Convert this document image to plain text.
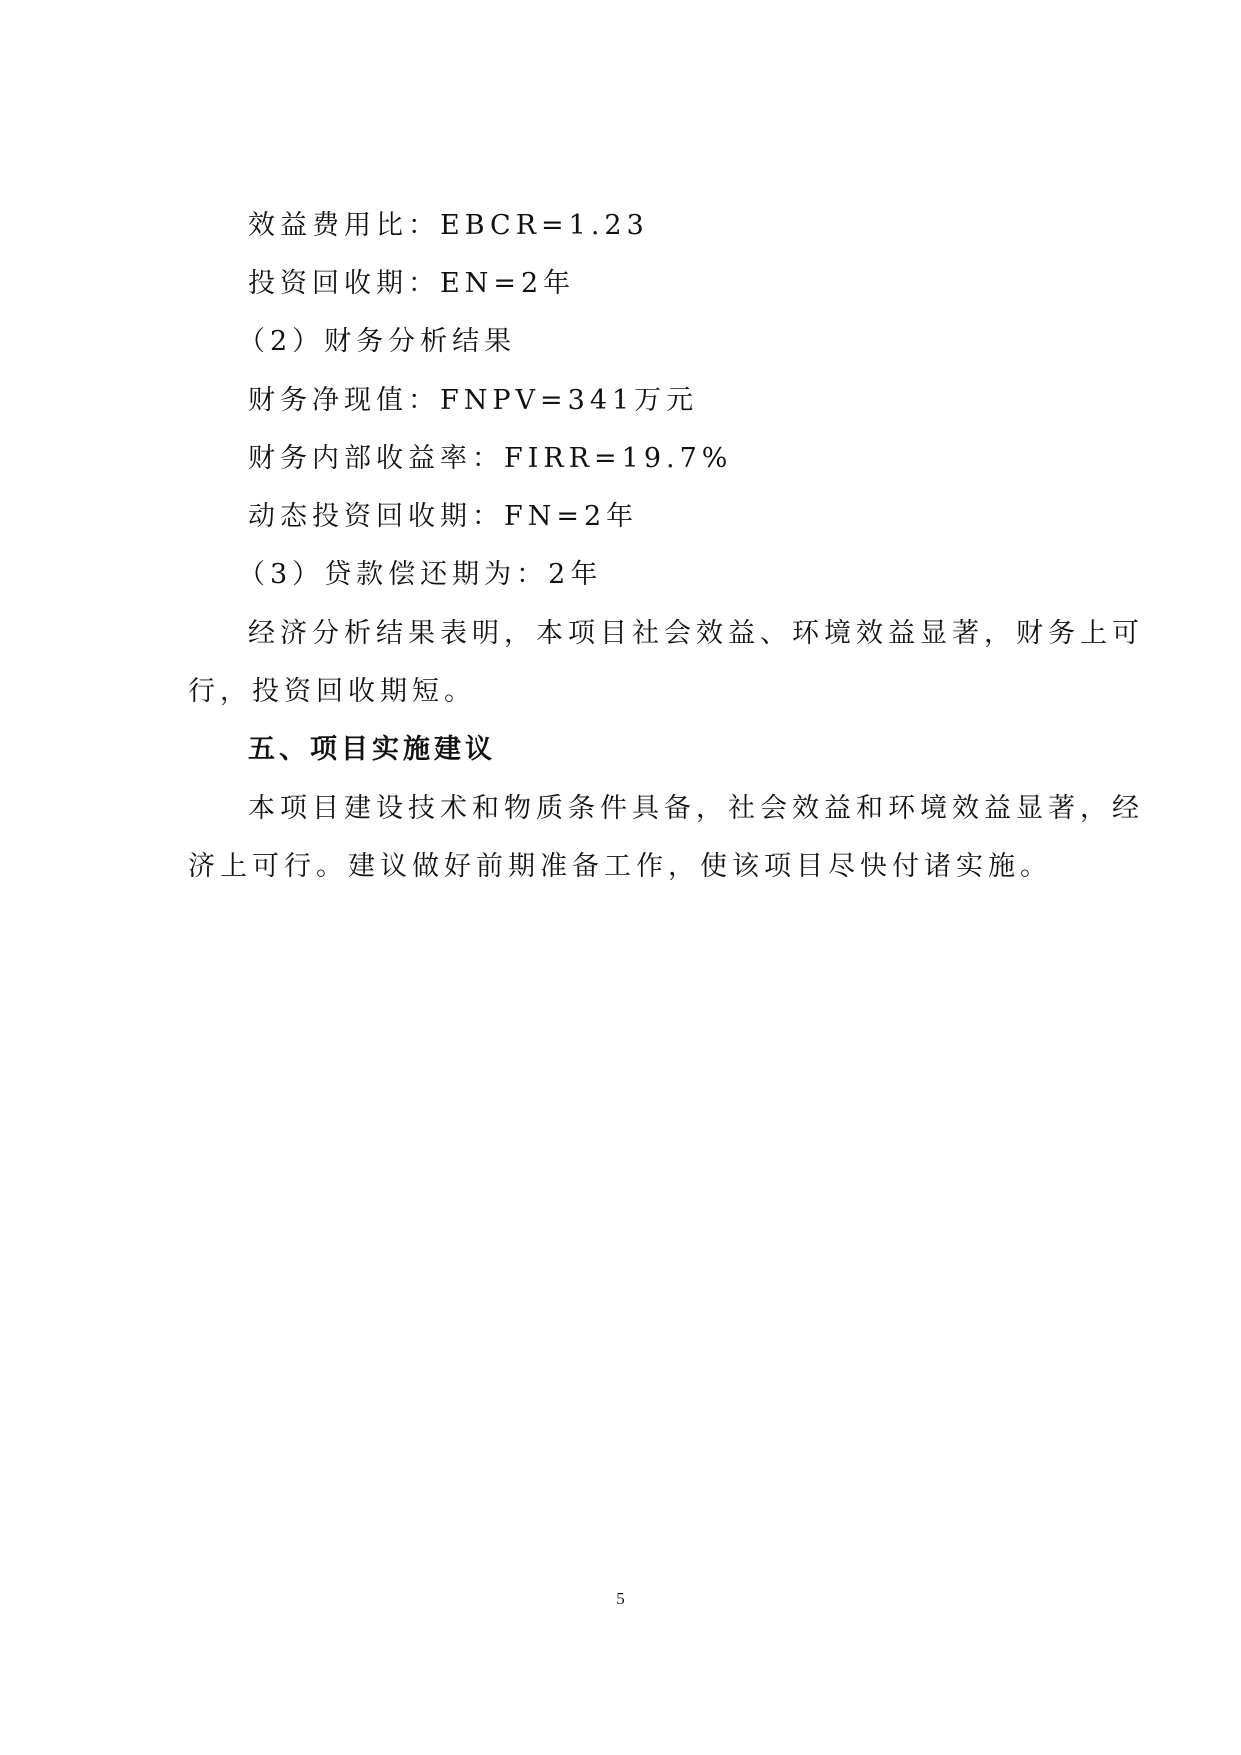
效益费用比：EBCR=1.23
投资回收期：EN=2年
（2）财务分析结果
财务净现值：FNPV=341万元
财务内部收益率：FIRR=19.7%
动态投资回收期：FN=2年
（3）贷款偿还期为：2年
经济分析结果表明，本项目社会效益、环境效益显著，财务上可
行，投资回收期短。
五、项目实施建议
本项目建设技术和物质条件具备，社会效益和环境效益显著，经
济上可行。建议做好前期准备工作，使该项目尽快付诸实施。
5
